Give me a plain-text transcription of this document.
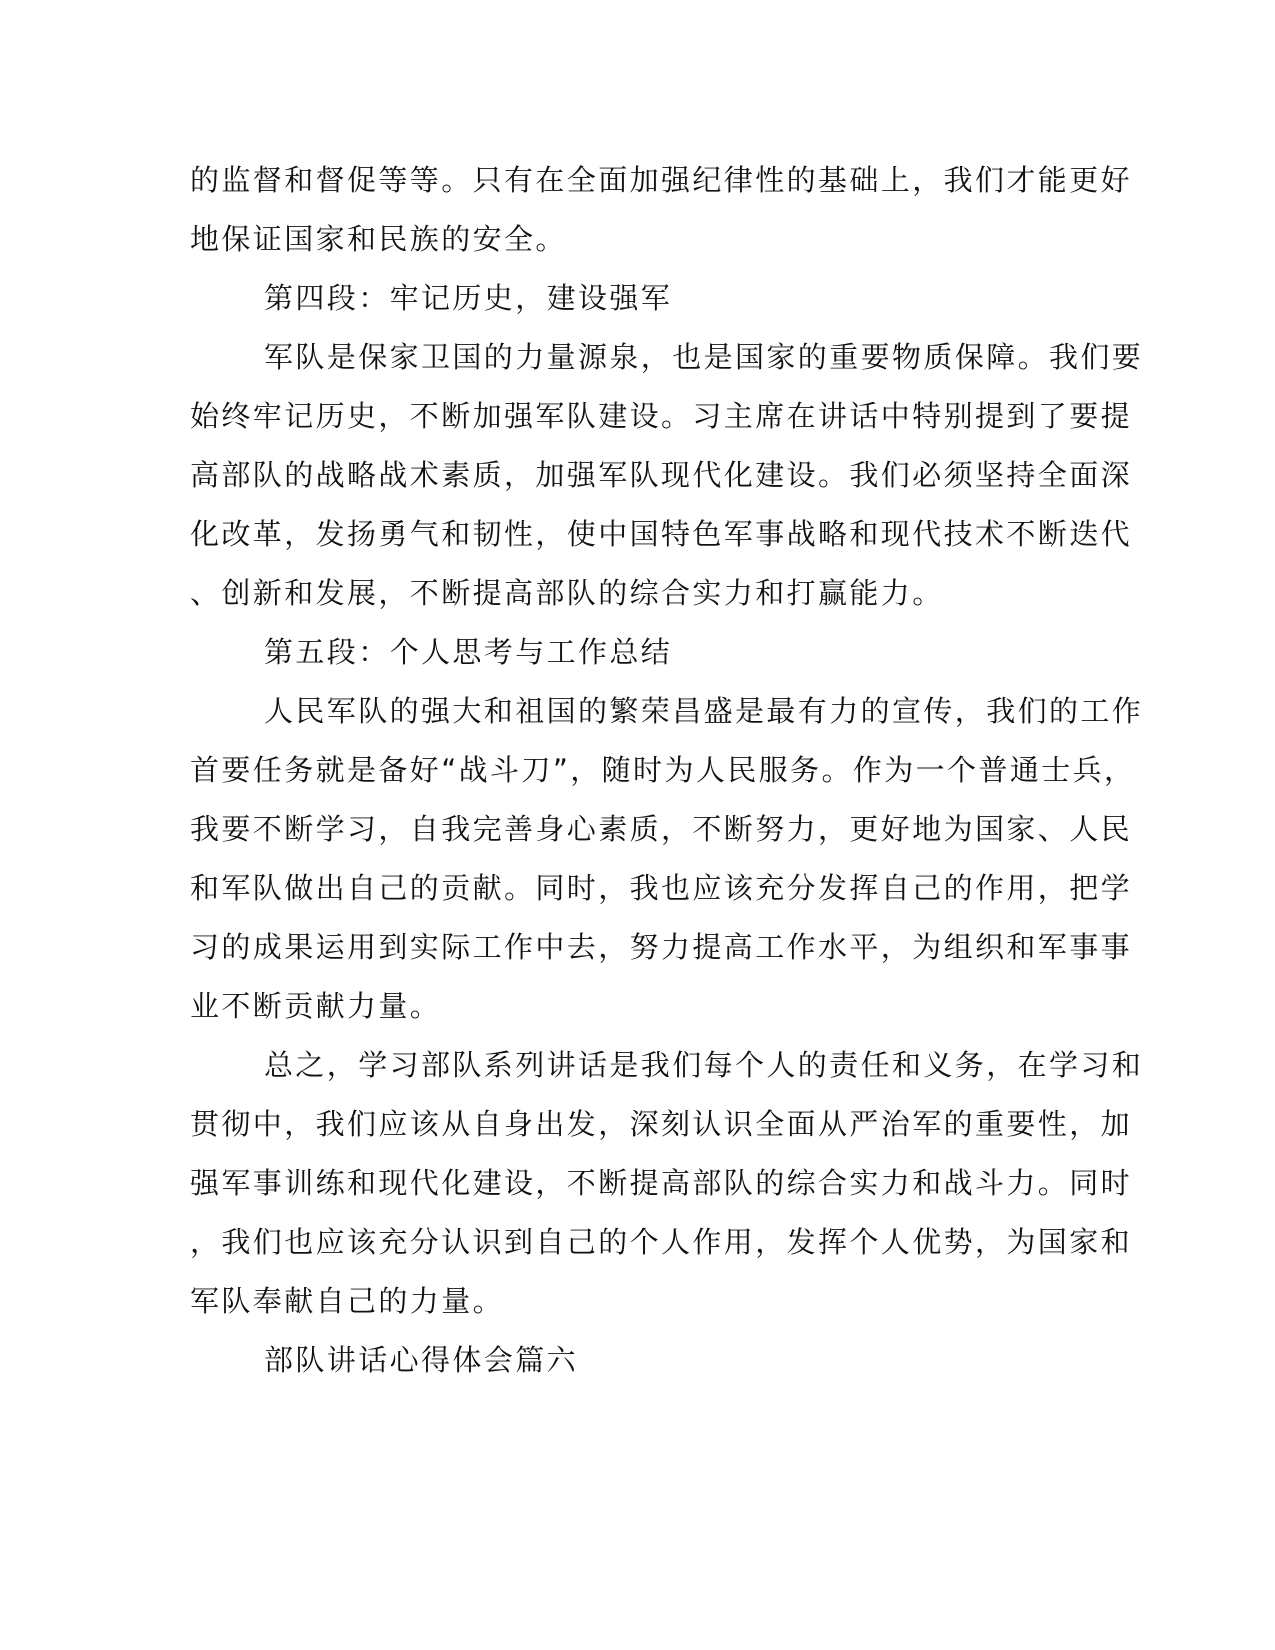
的监督和督促等等。只有在全面加强纪律性的基础上，我们才能更好
地保证国家和民族的安全。
第四段：牢记历史，建设强军
军队是保家卫国的力量源泉，也是国家的重要物质保障。我们要
始终牢记历史，不断加强军队建设。习主席在讲话中特别提到了要提
高部队的战略战术素质，加强军队现代化建设。我们必须坚持全面深
化改革，发扬勇气和韧性，使中国特色军事战略和现代技术不断迭代
、创新和发展，不断提高部队的综合实力和打赢能力。
第五段：个人思考与工作总结
人民军队的强大和祖国的繁荣昌盛是最有力的宣传，我们的工作
首要任务就是备好“战斗刀”，随时为人民服务。作为一个普通士兵，
我要不断学习，自我完善身心素质，不断努力，更好地为国家、人民
和军队做出自己的贡献。同时，我也应该充分发挥自己的作用，把学
习的成果运用到实际工作中去，努力提高工作水平，为组织和军事事
业不断贡献力量。
总之，学习部队系列讲话是我们每个人的责任和义务，在学习和
贯彻中，我们应该从自身出发，深刻认识全面从严治军的重要性，加
强军事训练和现代化建设，不断提高部队的综合实力和战斗力。同时
，我们也应该充分认识到自己的个人作用，发挥个人优势，为国家和
军队奉献自己的力量。
部队讲话心得体会篇六
